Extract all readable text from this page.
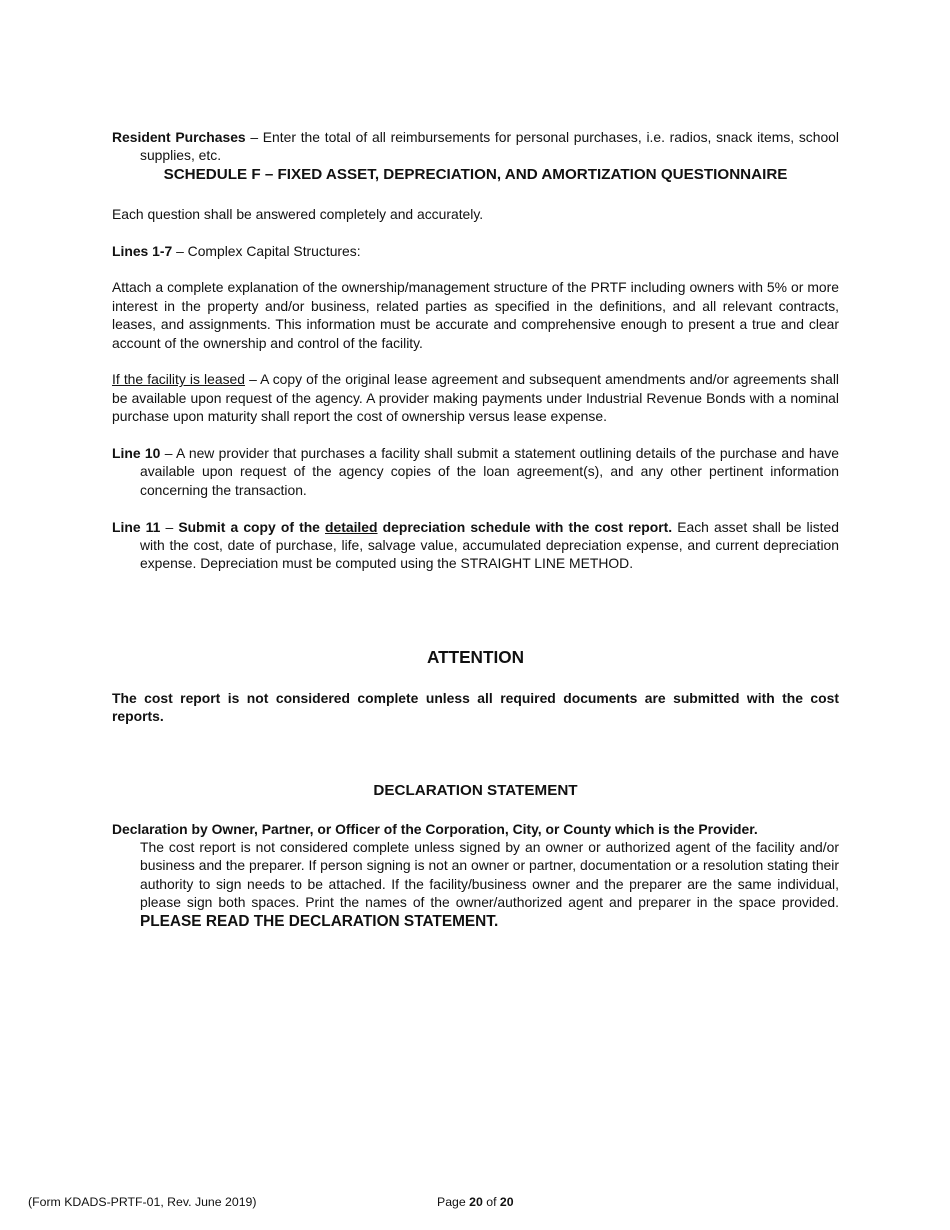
Resident Purchases – Enter the total of all reimbursements for personal purchases, i.e. radios, snack items, school supplies, etc.

SCHEDULE F – FIXED ASSET, DEPRECIATION, AND AMORTIZATION QUESTIONNAIRE

Each question shall be answered completely and accurately.

Lines 1-7 – Complex Capital Structures:

Attach a complete explanation of the ownership/management structure of the PRTF including owners with 5% or more interest in the property and/or business, related parties as specified in the definitions, and all relevant contracts, leases, and assignments. This information must be accurate and comprehensive enough to present a true and clear account of the ownership and control of the facility.

If the facility is leased – A copy of the original lease agreement and subsequent amendments and/or agreements shall be available upon request of the agency. A provider making payments under Industrial Revenue Bonds with a nominal purchase upon maturity shall report the cost of ownership versus lease expense.

Line 10 – A new provider that purchases a facility shall submit a statement outlining details of the purchase and have available upon request of the agency copies of the loan agreement(s), and any other pertinent information concerning the transaction.

Line 11 – Submit a copy of the detailed depreciation schedule with the cost report. Each asset shall be listed with the cost, date of purchase, life, salvage value, accumulated depreciation expense, and current depreciation expense. Depreciation must be computed using the STRAIGHT LINE METHOD.

ATTENTION

The cost report is not considered complete unless all required documents are submitted with the cost reports.

DECLARATION STATEMENT

Declaration by Owner, Partner, or Officer of the Corporation, City, or County which is the Provider.

The cost report is not considered complete unless signed by an owner or authorized agent of the facility and/or business and the preparer. If person signing is not an owner or partner, documentation or a resolution stating their authority to sign needs to be attached. If the facility/business owner and the preparer are the same individual, please sign both spaces. Print the names of the owner/authorized agent and preparer in the space provided. PLEASE READ THE DECLARATION STATEMENT.

(Form KDADS-PRTF-01, Rev. June 2019)	Page 20 of 20
